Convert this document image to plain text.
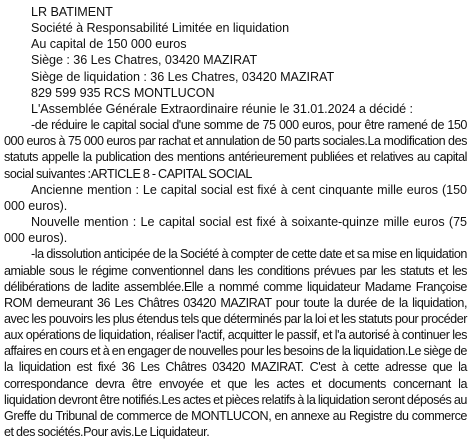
LR BATIMENT
Société à Responsabilité Limitée en liquidation
Au capital de 150 000 euros
Siège : 36 Les Chatres, 03420 MAZIRAT
Siège de liquidation : 36 Les Chatres, 03420 MAZIRAT
829 599 935 RCS MONTLUCON
L'Assemblée Générale Extraordinaire réunie le 31.01.2024 a décidé :

-de réduire le capital social d'une somme de 75 000 euros, pour être ramené de 150 000 euros à 75 000 euros par rachat et annulation de 50 parts sociales.La modification des statuts appelle la publication des mentions antérieurement publiées et relatives au capital social suivantes :ARTICLE 8 - CAPITAL SOCIAL

Ancienne mention : Le capital social est fixé à cent cinquante mille euros (150 000 euros).

Nouvelle mention : Le capital social est fixé à soixante-quinze mille euros (75 000 euros).

-la dissolution anticipée de la Société à compter de cette date et sa mise en liquidation amiable sous le régime conventionnel dans les conditions prévues par les statuts et les délibérations de ladite assemblée.Elle a nommé comme liquidateur Madame Françoise ROM demeurant 36 Les Châtres 03420 MAZIRAT pour toute la durée de la liquidation, avec les pouvoirs les plus étendus tels que déterminés par la loi et les statuts pour procéder aux opérations de liquidation, réaliser l'actif, acquitter le passif, et l'a autorisé à continuer les affaires en cours et à en engager de nouvelles pour les besoins de la liquidation.Le siège de la liquidation est fixé 36 Les Châtres 03420 MAZIRAT. C'est à cette adresse que la correspondance devra être envoyée et que les actes et documents concernant la liquidation devront être notifiés.Les actes et pièces relatifs à la liquidation seront déposés au Greffe du Tribunal de commerce de MONTLUCON, en annexe au Registre du commerce et des sociétés.Pour avis.Le Liquidateur.
